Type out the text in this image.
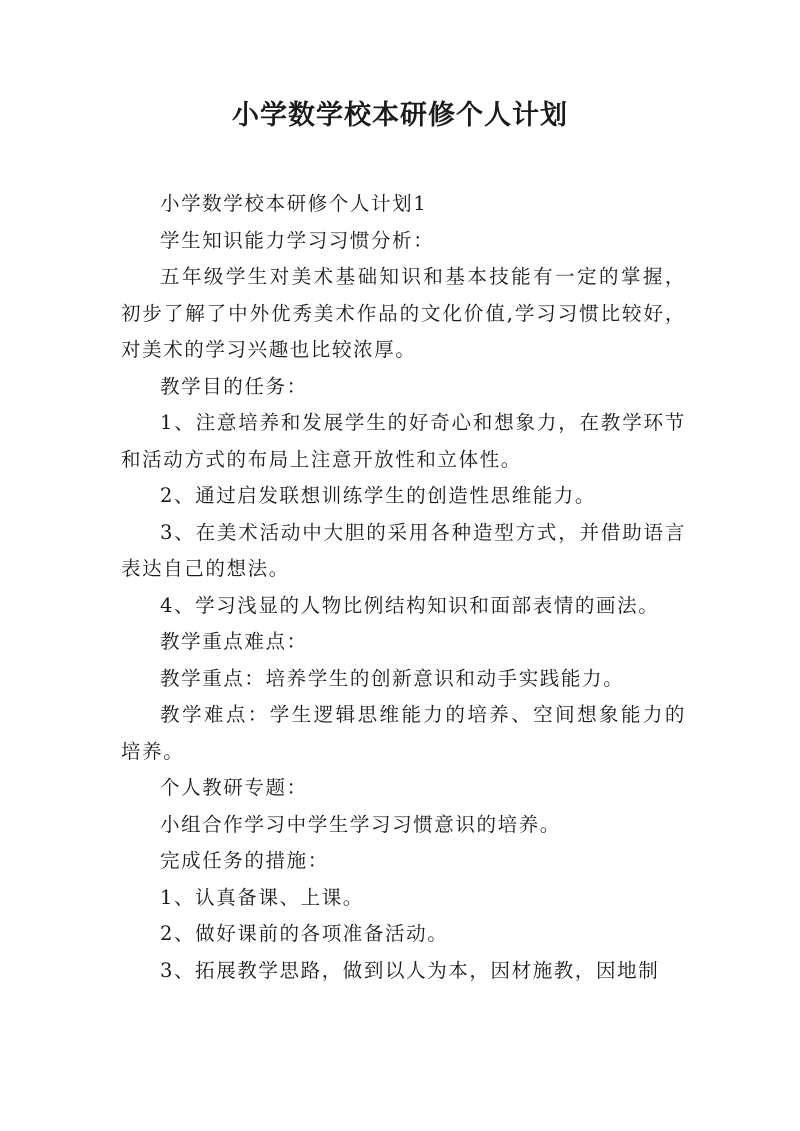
小学数学校本研修个人计划

小学数学校本研修个人计划1

学生知识能力学习习惯分析：

五年级学生对美术基础知识和基本技能有一定的掌握，初步了解了中外优秀美术作品的文化价值,学习习惯比较好，对美术的学习兴趣也比较浓厚。

教学目的任务：

1、注意培养和发展学生的好奇心和想象力，在教学环节和活动方式的布局上注意开放性和立体性。

2、通过启发联想训练学生的创造性思维能力。

3、在美术活动中大胆的采用各种造型方式，并借助语言表达自己的想法。

4、学习浅显的人物比例结构知识和面部表情的画法。

教学重点难点：

教学重点：培养学生的创新意识和动手实践能力。

教学难点：学生逻辑思维能力的培养、空间想象能力的培养。

个人教研专题：

小组合作学习中学生学习习惯意识的培养。

完成任务的措施：

1、认真备课、上课。

2、做好课前的各项准备活动。

3、拓展教学思路，做到以人为本，因材施教，因地制
